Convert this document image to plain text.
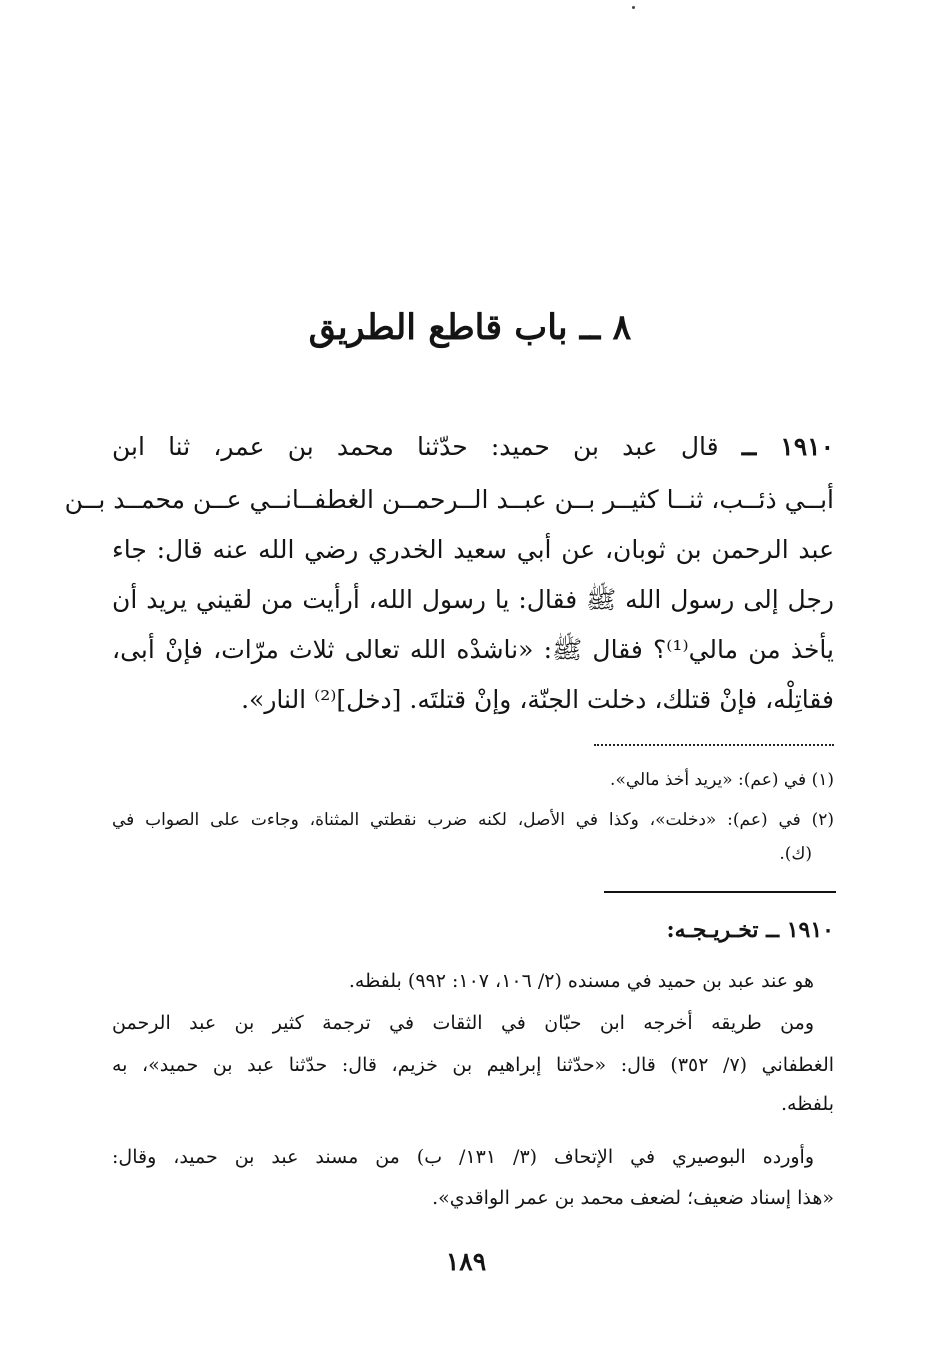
٨ ــ باب قاطع الطريق
١٩١٠ ــ قال عبد بن حميد: حدّثنا محمد بن عمر، ثنا ابن
أبــي ذئــب، ثنــا كثيــر بــن عبــد الــرحمــن الغطفــانــي عــن محمــد بــن
عبد الرحمن بن ثوبان، عن أبي سعيد الخدري رضي الله عنه قال: جاء
رجل إلى رسول الله ﷺ فقال: يا رسول الله، أرأيت من لقيني يريد أن
يأخذ من مالي⁽¹⁾؟ فقال ﷺ: «ناشدْه الله تعالى ثلاث مرّات، فإنْ أبى،
فقاتِلْه، فإنْ قتلك، دخلت الجنّة، وإنْ قتلتَه. [دخل]⁽²⁾ النار».
(١) في (عم): «يريد أخذ مالي».
(٢) في (عم): «دخلت»، وكذا في الأصل، لكنه ضرب نقطتي المثناة، وجاءت على الصواب في
(ك).
١٩١٠ ــ تخـريـجـه:
هو عند عبد بن حميد في مسنده (٢/ ١٠٦، ١٠٧: ٩٩٢) بلفظه.
ومن طريقه أخرجه ابن حبّان في الثقات في ترجمة كثير بن عبد الرحمن
الغطفاني (٧/ ٣٥٢) قال: «حدّثنا إبراهيم بن خزيم، قال: حدّثنا عبد بن حميد»، به
بلفظه.
وأورده البوصيري في الإتحاف (٣/ ١٣١/ ب) من مسند عبد بن حميد، وقال:
«هذا إسناد ضعيف؛ لضعف محمد بن عمر الواقدي».
١٨٩
